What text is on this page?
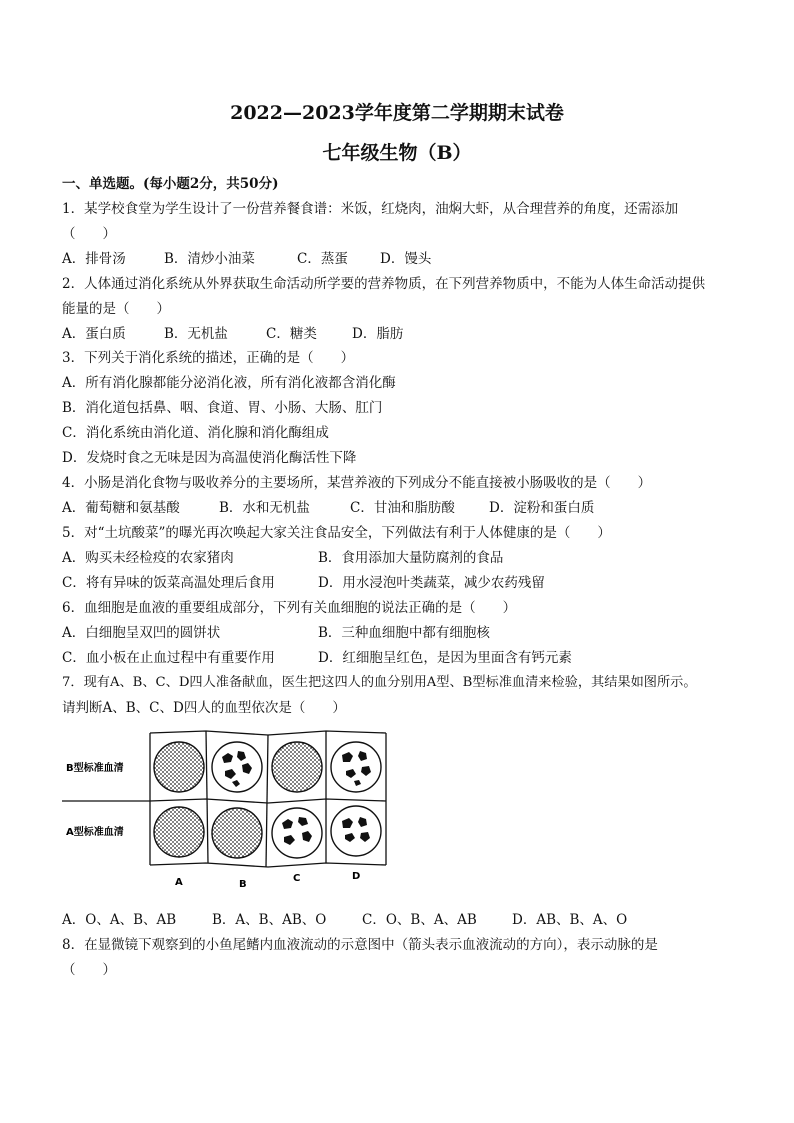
2022—2023学年度第二学期期末试卷
七年级生物（B）
一、单选题。(每小题2分，共50分)
1．某学校食堂为学生设计了一份营养餐食谱：米饭，红烧肉，油焖大虾，从合理营养的角度，还需添加
（　　）
A．排骨汤	B．清炒小油菜	C．蒸蛋 D．馒头
2．人体通过消化系统从外界获取生命活动所学要的营养物质，在下列营养物质中，不能为人体生命活动提供
能量的是（　　）
A．蛋白质	B．无机盐	C．糖类	D．脂肪
3．下列关于消化系统的描述，正确的是（　　）
A．所有消化腺都能分泌消化液，所有消化液都含消化酶
B．消化道包括鼻、咽、食道、胃、小肠、大肠、肛门
C．消化系统由消化道、消化腺和消化酶组成
D．发烧时食之无味是因为高温使消化酶活性下降
4．小肠是消化食物与吸收养分的主要场所，某营养液的下列成分不能直接被小肠吸收的是（　　）
A．葡萄糖和氨基酸	B．水和无机盐	C．甘油和脂肪酸	D．淀粉和蛋白质
5．对“土坑酸菜”的曝光再次唤起大家关注食品安全，下列做法有利于人体健康的是（　　）
A．购买未经检疫的农家猪肉	B．食用添加大量防腐剂的食品
C．将有异味的饭菜高温处理后食用	D．用水浸泡叶类蔬菜，减少农药残留
6．血细胞是血液的重要组成部分，下列有关血细胞的说法正确的是（　　）
A．白细胞呈双凹的圆饼状	B．三种血细胞中都有细胞核
C．血小板在止血过程中有重要作用	D．红细胞呈红色，是因为里面含有钙元素
7．现有A、B、C、D四人准备献血，医生把这四人的血分别用A型、B型标准血清来检验，其结果如图所示。
请判断A、B、C、D四人的血型依次是（　　）
B型标准血清
A型标准血清
A	B
C	D
A．O、A、B、AB	B．A、B、AB、O	C．O、B、A、AB	D．AB、B、A、O
8．在显微镜下观察到的小鱼尾鳍内血液流动的示意图中（箭头表示血液流动的方向），表示动脉的是
（　　）
